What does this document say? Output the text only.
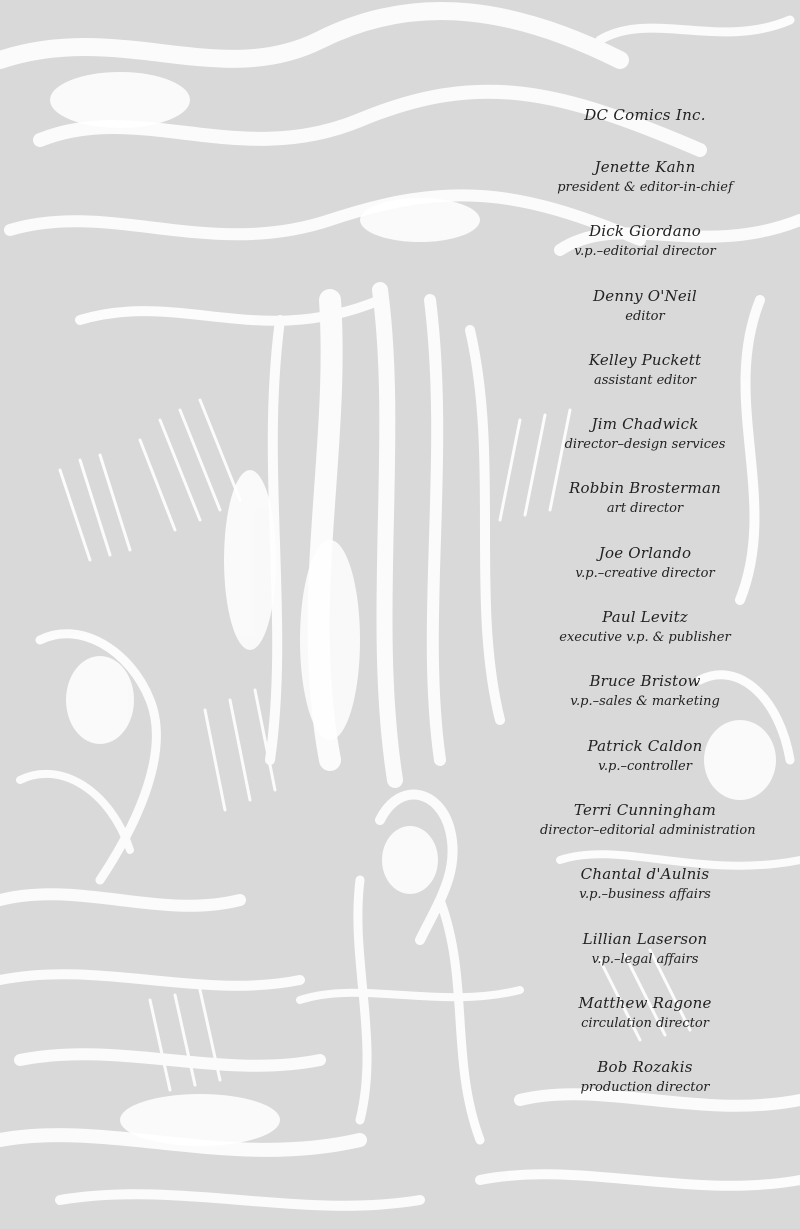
DC Comics Inc.
Jenette Kahn
president & editor-in-chief
Dick Giordano
v.p.–editorial director
Denny O'Neil
editor
Kelley Puckett
assistant editor
Jim Chadwick
director–design services
Robbin Brosterman
art director
Joe Orlando
v.p.–creative director
Paul Levitz
executive v.p. & publisher
Bruce Bristow
v.p.–sales & marketing
Patrick Caldon
v.p.–controller
Terri Cunningham
director–editorial administration
Chantal d'Aulnis
v.p.–business affairs
Lillian Laserson
v.p.–legal affairs
Matthew Ragone
circulation director
Bob Rozakis
production director
